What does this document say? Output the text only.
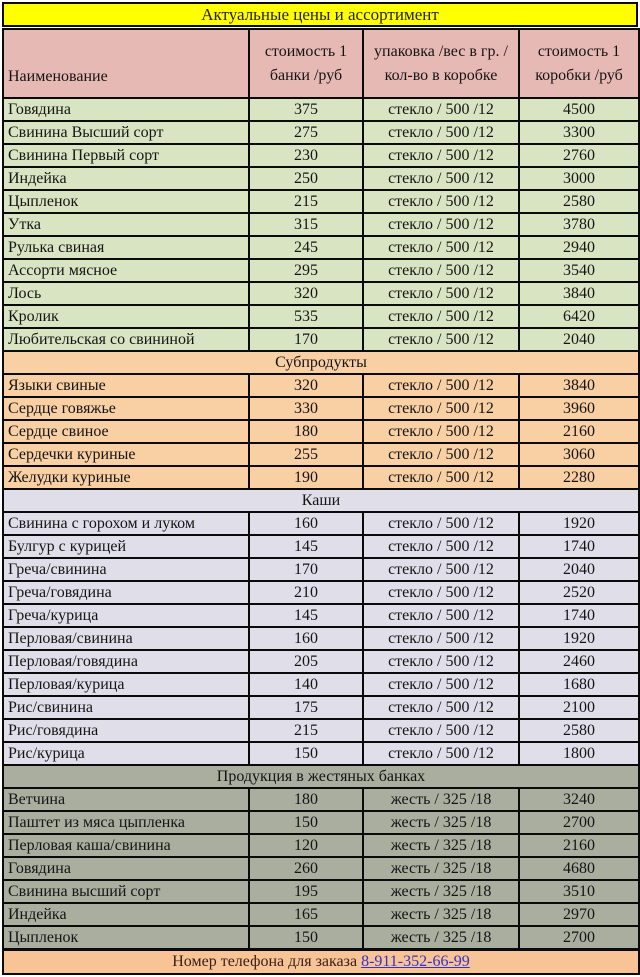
Актуальные цены и ассортимент
Наименование	стоимость 1 банки /руб	упаковка /вес в гр. / кол-во в коробке	стоимость 1 коробки /руб
Говядина	375	стекло / 500 /12	4500
Свинина Высший сорт	275	стекло / 500 /12	3300
Свинина Первый сорт	230	стекло / 500 /12	2760
Индейка	250	стекло / 500 /12	3000
Цыпленок	215	стекло / 500 /12	2580
Утка	315	стекло / 500 /12	3780
Рулька свиная	245	стекло / 500 /12	2940
Ассорти мясное	295	стекло / 500 /12	3540
Лось	320	стекло / 500 /12	3840
Кролик	535	стекло / 500 /12	6420
Любительская со свининой	170	стекло / 500 /12	2040
Субпродукты			
Языки свиные	320	стекло / 500 /12	3840
Сердце говяжье	330	стекло / 500 /12	3960
Сердце свиное	180	стекло / 500 /12	2160
Сердечки куриные	255	стекло / 500 /12	3060
Желудки куриные	190	стекло / 500 /12	2280
Каши			
Свинина с горохом и луком	160	стекло / 500 /12	1920
Булгур с курицей	145	стекло / 500 /12	1740
Греча/свинина	170	стекло / 500 /12	2040
Греча/говядина	210	стекло / 500 /12	2520
Греча/курица	145	стекло / 500 /12	1740
Перловая/свинина	160	стекло / 500 /12	1920
Перловая/говядина	205	стекло / 500 /12	2460
Перловая/курица	140	стекло / 500 /12	1680
Рис/свинина	175	стекло / 500 /12	2100
Рис/говядина	215	стекло / 500 /12	2580
Рис/курица	150	стекло / 500 /12	1800
Продукция в жестяных банках			
Ветчина	180	жесть / 325 /18	3240
Паштет из мяса цыпленка	150	жесть / 325 /18	2700
Перловая каша/свинина	120	жесть / 325 /18	2160
Говядина	260	жесть / 325 /18	4680
Свинина высший сорт	195	жесть / 325 /18	3510
Индейка	165	жесть / 325 /18	2970
Цыпленок	150	жесть / 325 /18	2700
Номер телефона для заказа 8-911-352-66-99			
